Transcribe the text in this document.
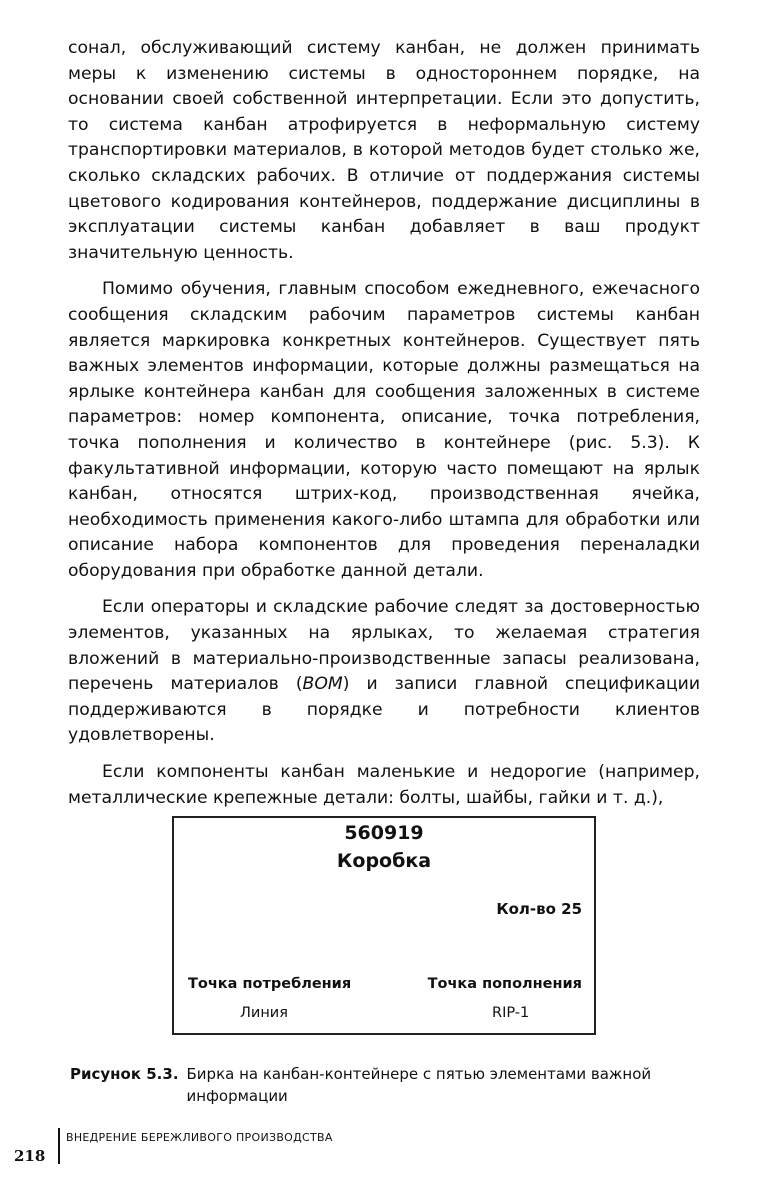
сонал, обслуживающий систему канбан, не должен принимать меры к изменению системы в одностороннем порядке, на основании своей собственной интерпретации. Если это допустить, то система канбан атрофируется в неформальную систему транспортировки материалов, в которой методов будет столько же, сколько складских рабочих. В отличие от поддержания системы цветового кодирования контейнеров, поддержание дисциплины в эксплуатации системы канбан добавляет в ваш продукт значительную ценность.

Помимо обучения, главным способом ежедневного, ежечасного сообщения складским рабочим параметров системы канбан является маркировка конкретных контейнеров. Существует пять важных элементов информации, которые должны размещаться на ярлыке контейнера канбан для сообщения заложенных в системе параметров: номер компонента, описание, точка потребления, точка пополнения и количество в контейнере (рис. 5.3). К факультативной информации, которую часто помещают на ярлык канбан, относятся штрих-код, производственная ячейка, необходимость применения какого-либо штампа для обработки или описание набора компонентов для проведения переналадки оборудования при обработке данной детали.

Если операторы и складские рабочие следят за достоверностью элементов, указанных на ярлыках, то желаемая стратегия вложений в материально-производственные запасы реализована, перечень материалов (BOM) и записи главной спецификации поддерживаются в порядке и потребности клиентов удовлетворены.

Если компоненты канбан маленькие и недорогие (например, металлические крепежные детали: болты, шайбы, гайки и т. д.),

560919
Коробка
Кол-во 25
Точка потребления	Точка пополнения
Линия	RIP-1
Рисунок 5.3. Бирка на канбан-контейнере с пятью элементами важной информации
218
ВНЕДРЕНИЕ БЕРЕЖЛИВОГО ПРОИЗВОДСТВА
